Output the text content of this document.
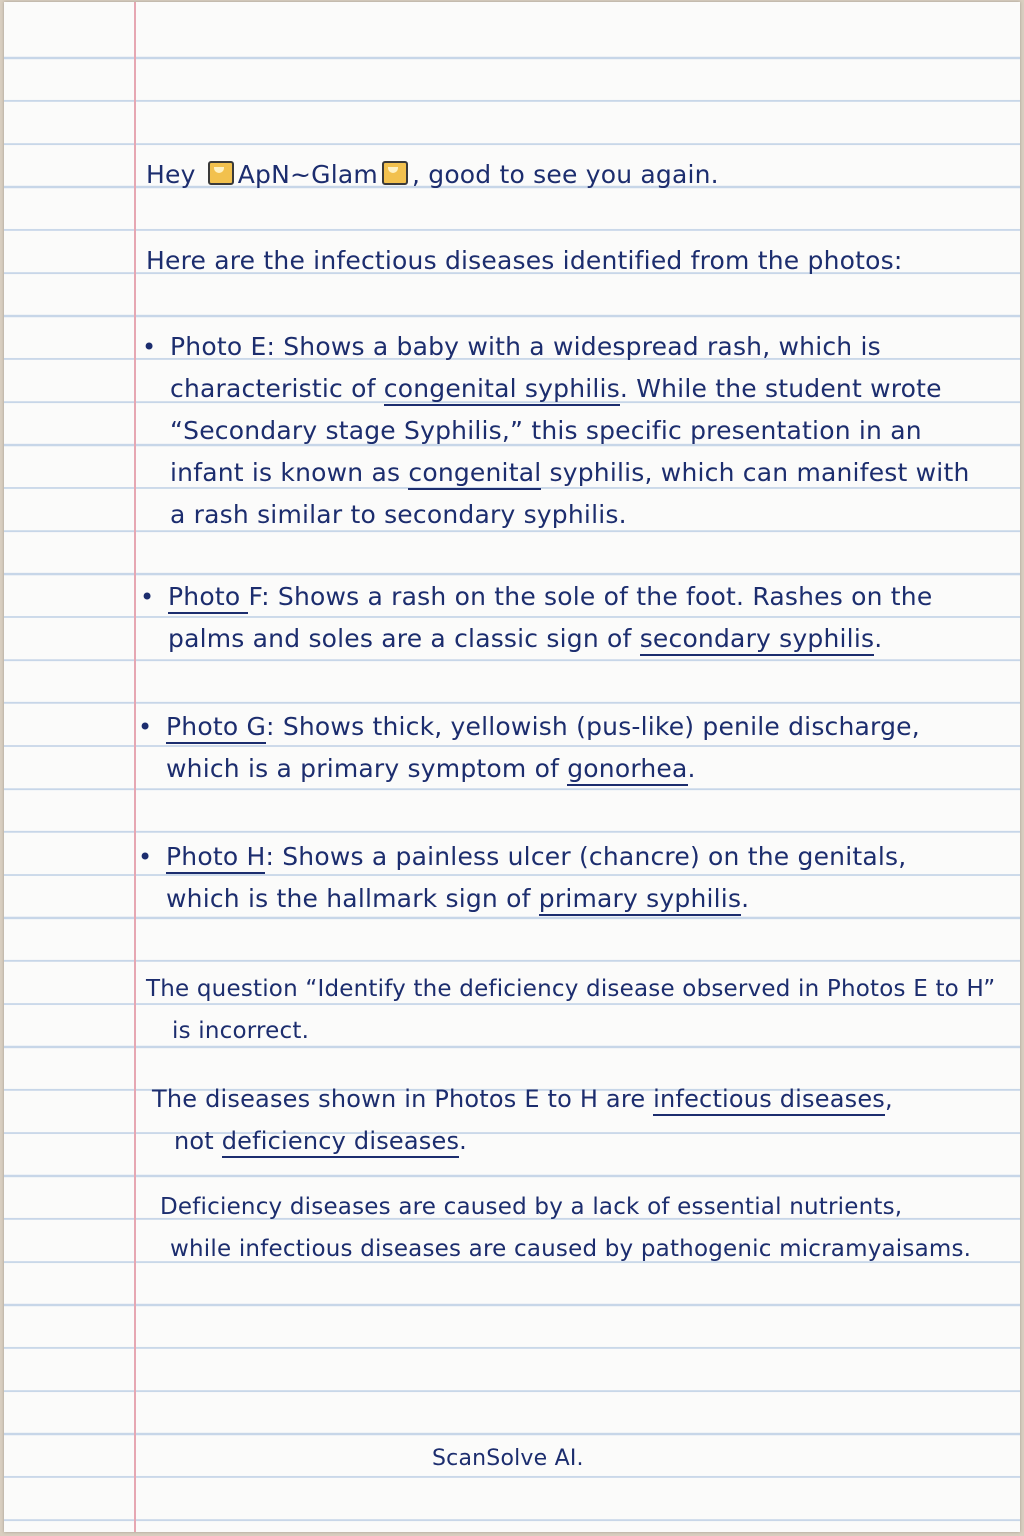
Hey ApN~Glam , good to see you again.
Here are the infectious diseases identified from the photos:
• Photo E: Shows a baby with a widespread rash, which is
characteristic of congenital syphilis. While the student wrote
“Secondary stage Syphilis,” this specific presentation in an
infant is known as congenital syphilis, which can manifest with
a rash similar to secondary syphilis.
• Photo F: Shows a rash on the sole of the foot. Rashes on the
palms and soles are a classic sign of secondary syphilis.
• Photo G: Shows thick, yellowish (pus-like) penile discharge,
which is a primary symptom of gonorhea.
• Photo H: Shows a painless ulcer (chancre) on the genitals,
which is the hallmark sign of primary syphilis.
The question “Identify the deficiency disease observed in Photos E to H”
is incorrect.
The diseases shown in Photos E to H are infectious diseases,
not deficiency diseases.
Deficiency diseases are caused by a lack of essential nutrients,
while infectious diseases are caused by pathogenic micramyaisams.
ScanSolve AI.
